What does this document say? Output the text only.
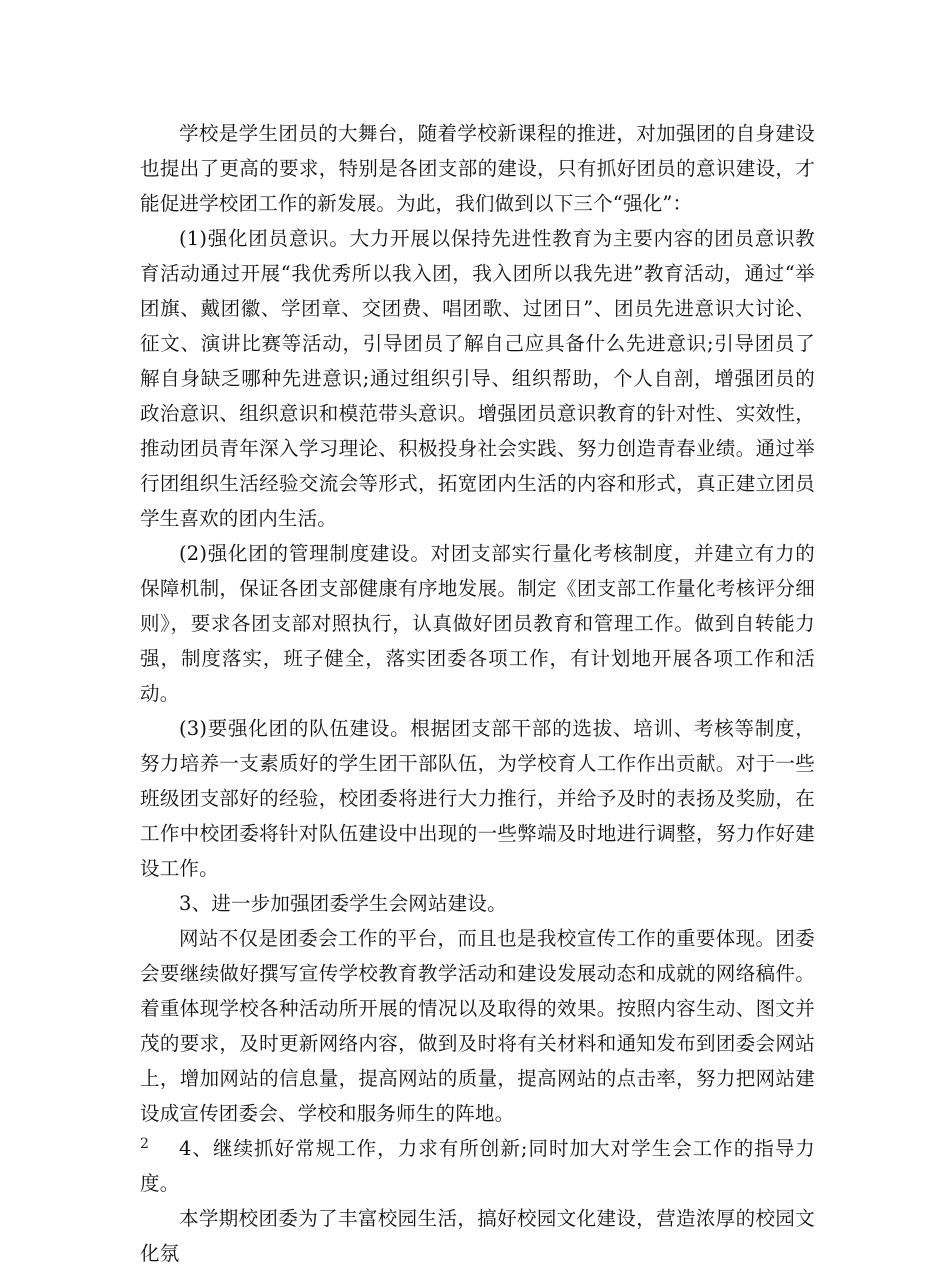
学校是学生团员的大舞台，随着学校新课程的推进，对加强团的自身建设也提出了更高的要求，特别是各团支部的建设，只有抓好团员的意识建设，才能促进学校团工作的新发展。为此，我们做到以下三个“强化”：

(1)强化团员意识。大力开展以保持先进性教育为主要内容的团员意识教育活动通过开展“我优秀所以我入团，我入团所以我先进”教育活动，通过“举团旗、戴团徽、学团章、交团费、唱团歌、过团日”、团员先进意识大讨论、征文、演讲比赛等活动，引导团员了解自己应具备什么先进意识;引导团员了解自身缺乏哪种先进意识;通过组织引导、组织帮助，个人自剖，增强团员的政治意识、组织意识和模范带头意识。增强团员意识教育的针对性、实效性，推动团员青年深入学习理论、积极投身社会实践、努力创造青春业绩。通过举行团组织生活经验交流会等形式，拓宽团内生活的内容和形式，真正建立团员学生喜欢的团内生活。

(2)强化团的管理制度建设。对团支部实行量化考核制度，并建立有力的保障机制，保证各团支部健康有序地发展。制定《团支部工作量化考核评分细则》，要求各团支部对照执行，认真做好团员教育和管理工作。做到自转能力强，制度落实，班子健全，落实团委各项工作，有计划地开展各项工作和活动。

(3)要强化团的队伍建设。根据团支部干部的选拔、培训、考核等制度，努力培养一支素质好的学生团干部队伍，为学校育人工作作出贡献。对于一些班级团支部好的经验，校团委将进行大力推行，并给予及时的表扬及奖励，在工作中校团委将针对队伍建设中出现的一些弊端及时地进行调整，努力作好建设工作。

3、进一步加强团委学生会网站建设。

网站不仅是团委会工作的平台，而且也是我校宣传工作的重要体现。团委会要继续做好撰写宣传学校教育教学活动和建设发展动态和成就的网络稿件。着重体现学校各种活动所开展的情况以及取得的效果。按照内容生动、图文并茂的要求，及时更新网络内容，做到及时将有关材料和通知发布到团委会网站上，增加网站的信息量，提高网站的质量，提高网站的点击率，努力把网站建设成宣传团委会、学校和服务师生的阵地。

4、继续抓好常规工作，力求有所创新;同时加大对学生会工作的指导力度。

本学期校团委为了丰富校园生活，搞好校园文化建设，营造浓厚的校园文化氛

2
